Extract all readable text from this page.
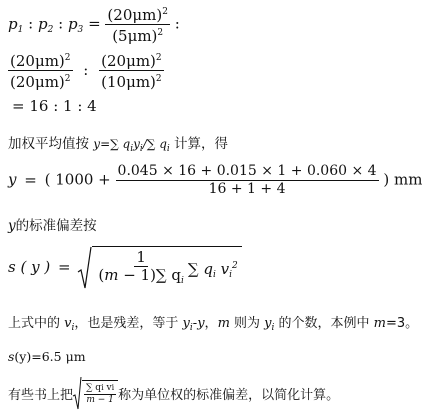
$p_1$ : $p_2$ : $p_3 = \frac{(20\mu m)^2}{(5\mu m)^2}$ :
$\frac{(20\mu m)^2}{(20\mu m)^2}$ : $\frac{(20\mu m)^2}{(10\mu m)^2}$
= 16 : 1 : 4
加权平均值按 y=∑ $q_iy_i/\sum$ $q_i$ 计算，得
y = ( $1000 + \frac{0.045 \times 16 + 0.015 \times 1 + 0.060 \times 4}{16 + 1 + 4}$ ) mm
y的标准偏差按
s ( y ) = $\frac{1}{(m - 1)\sum q_i}$ ∑ $q_i$ $v_i^2$
上式中的 $v_i$，也是残差，等于 $y_i-y$，m 则为 $y_i$ 的个数，本例中 m=3。
s(y)=6.5 μm
有些书上把 $\frac{\text{∑ qi vi}}{m - 1}$ 称为单位权的标准偏差，以简化计算。
